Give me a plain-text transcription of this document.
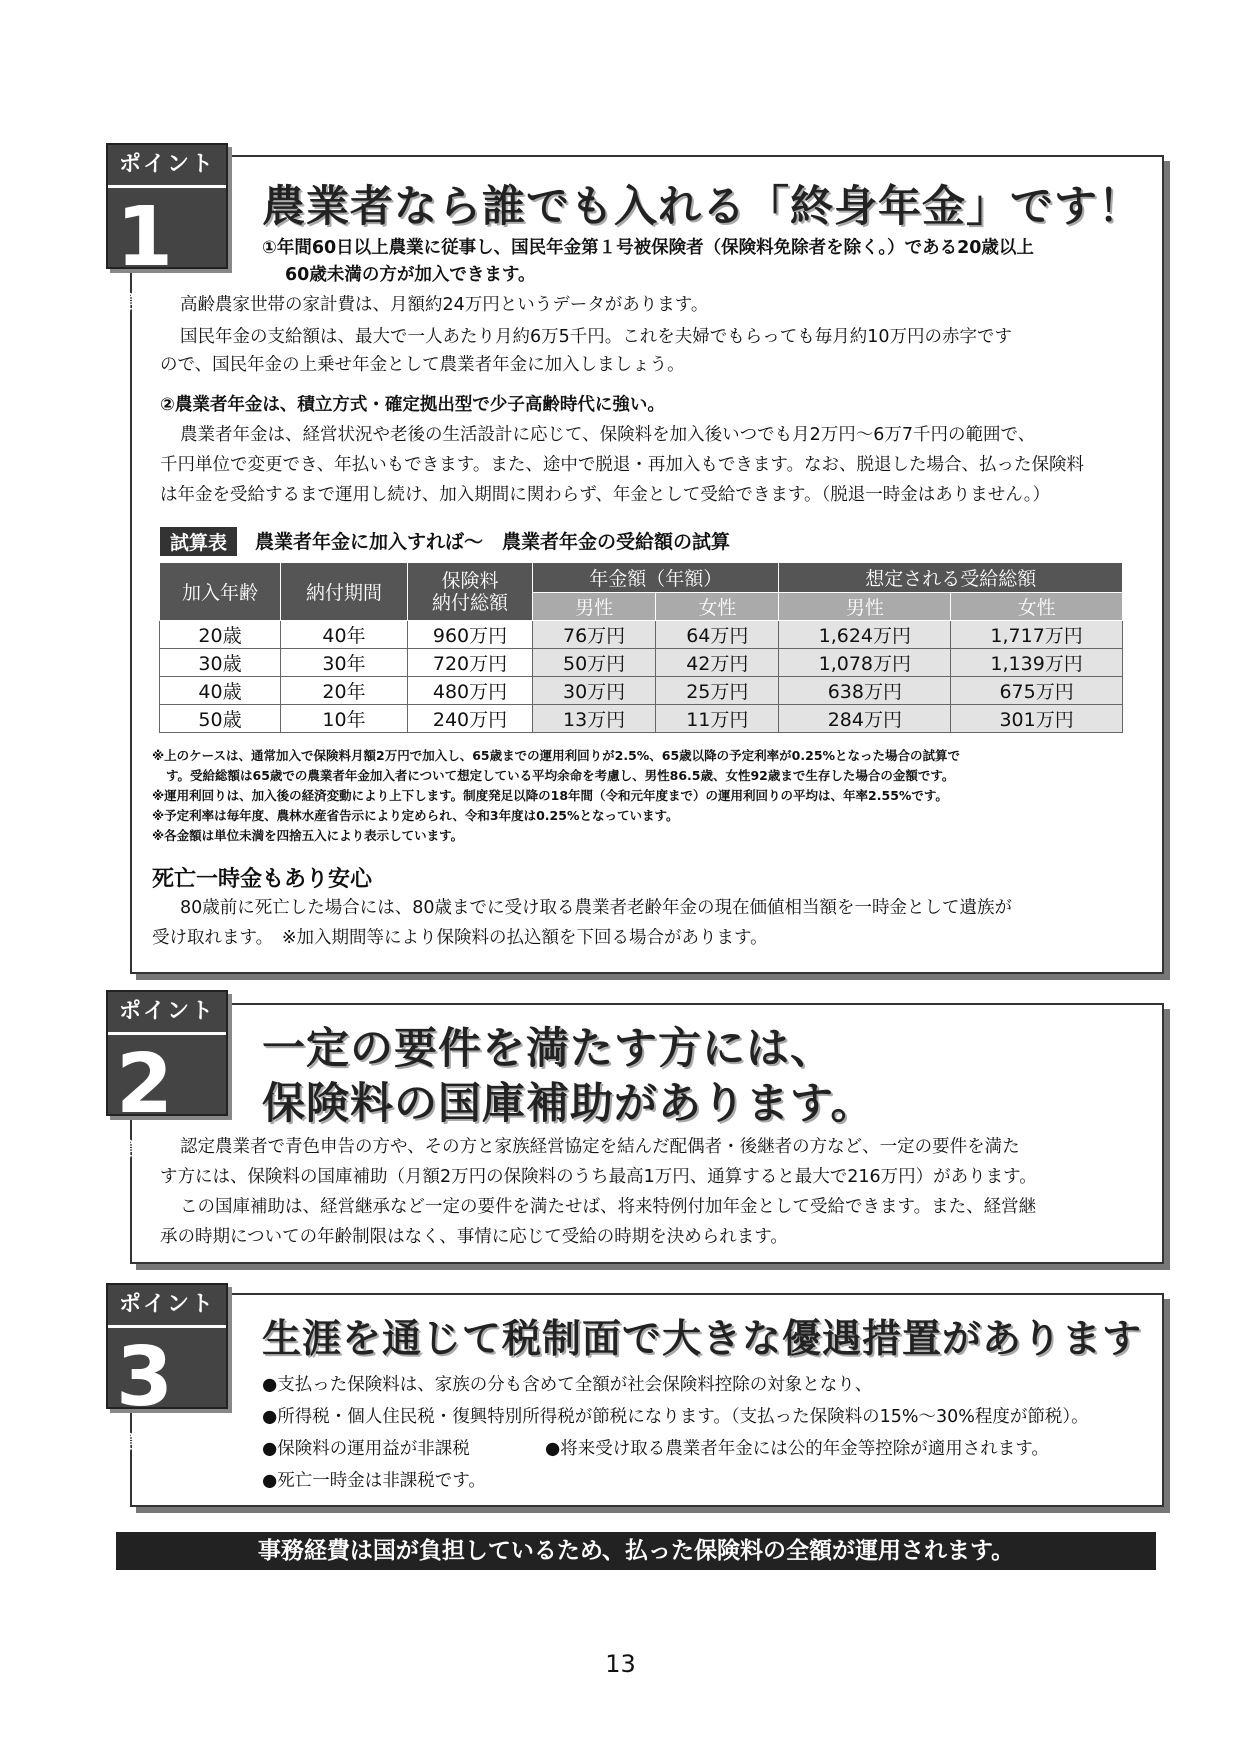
ポイント
1の説明
農業者なら誰でも入れる「終身年金」です！

①年間60日以上農業に従事し、国民年金第１号被保険者（保険料免除者を除く。）である20歳以上

60歳未満の方が加入できます。

高齢農家世帯の家計費は、月額約24万円というデータがあります。

国民年金の支給額は、最大で一人あたり月約6万5千円。これを夫婦でもらっても毎月約10万円の赤字です

ので、国民年金の上乗せ年金として農業者年金に加入しましょう。

②農業者年金は、積立方式・確定拠出型で少子高齢時代に強い。

農業者年金は、経営状況や老後の生活設計に応じて、保険料を加入後いつでも月2万円～6万7千円の範囲で、

千円単位で変更でき、年払いもできます。また、途中で脱退・再加入もできます。なお、脱退した場合、払った保険料

は年金を受給するまで運用し続け、加入期間に関わらず、年金として受給できます。（脱退一時金はありません。）

試算表	農業者年金に加入すれば～　農業者年金の受給額の試算
加入年齢	納付期間	保険料
納付総額	年金額（年額）		想定される受給総額	
			男性	女性	男性	女性
20歳	40年	960万円	76万円	64万円	1,624万円	1,717万円
30歳	30年	720万円	50万円	42万円	1,078万円	1,139万円
40歳	20年	480万円	30万円	25万円	638万円	675万円
50歳	10年	240万円	13万円	11万円	284万円	301万円
※上のケースは、通常加入で保険料月額2万円で加入し、65歳までの運用利回りが2.5%、65歳以降の予定利率が0.25%となった場合の試算で
す。受給総額は65歳での農業者年金加入者について想定している平均余命を考慮し、男性86.5歳、女性92歳まで生存した場合の金額です。
※運用利回りは、加入後の経済変動により上下します。制度発足以降の18年間（令和元年度まで）の運用利回りの平均は、年率2.55%です。
※予定利率は毎年度、農林水産省告示により定められ、令和3年度は0.25%となっています。
※各金額は単位未満を四捨五入により表示しています。
死亡一時金もあり安心

80歳前に死亡した場合には、80歳までに受け取る農業者老齢年金の現在価値相当額を一時金として遺族が

受け取れます。　※加入期間等により保険料の払込額を下回る場合があります。

ポイント
2の説明
一定の要件を満たす方には、
保険料の国庫補助があります。

認定農業者で青色申告の方や、その方と家族経営協定を結んだ配偶者・後継者の方など、一定の要件を満た

す方には、保険料の国庫補助（月額2万円の保険料のうち最高1万円、通算すると最大で216万円）があります。

この国庫補助は、経営継承など一定の要件を満たせば、将来特例付加年金として受給できます。また、経営継

承の時期についての年齢制限はなく、事情に応じて受給の時期を決められます。

ポイント
3の説明
生涯を通じて税制面で大きな優遇措置があります

●支払った保険料は、家族の分も含めて全額が社会保険料控除の対象となり、

●所得税・個人住民税・復興特別所得税が節税になります。（支払った保険料の15%～30%程度が節税）。

●保険料の運用益が非課税	●将来受け取る農業者年金には公的年金等控除が適用されます。

●死亡一時金は非課税です。

事務経費は国が負担しているため、払った保険料の全額が運用されます。
13
